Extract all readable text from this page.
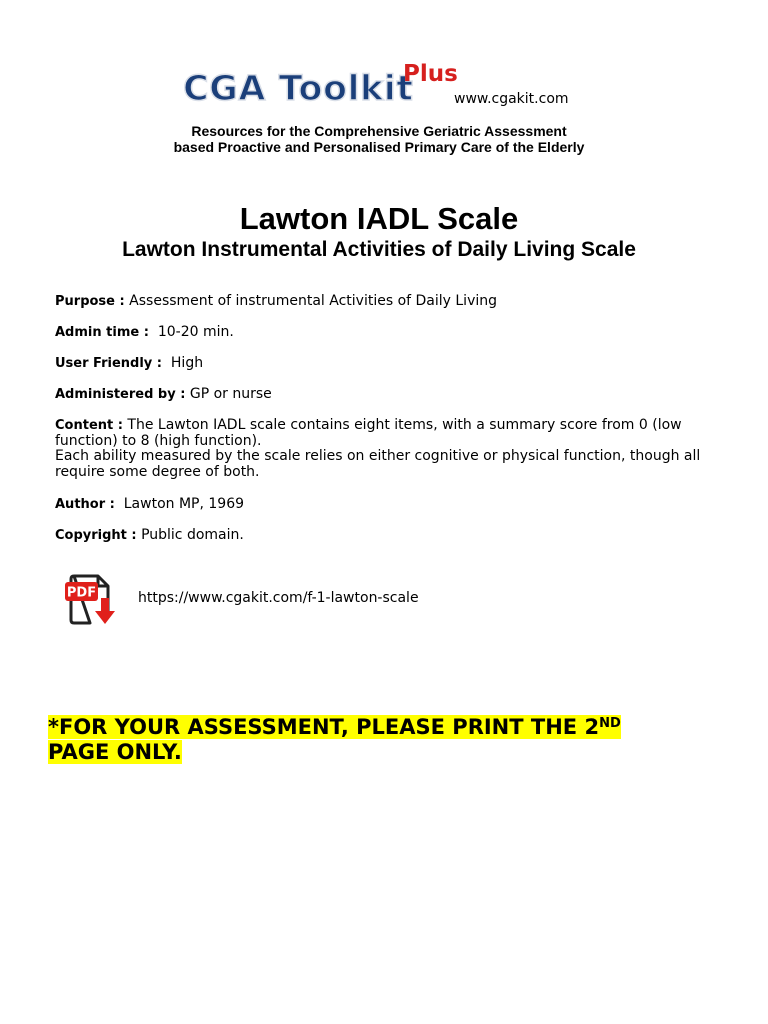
CGA Toolkit
Plus
www.cgakit.com
Resources for the Comprehensive Geriatric Assessment
based Proactive and Personalised Primary Care of the Elderly
Lawton IADL Scale
Lawton Instrumental Activities of Daily Living Scale
Purpose : Assessment of instrumental Activities of Daily Living
Admin time :  10-20 min.
User Friendly :  High
Administered by : GP or nurse
Content : The Lawton IADL scale contains eight items, with a summary score from 0 (low function) to 8 (high function).
Each ability measured by the scale relies on either cognitive or physical function, though all require some degree of both.
Author :  Lawton MP, 1969
Copyright : Public domain.
PDF	https://www.cgakit.com/f-1-lawton-scale
*FOR YOUR ASSESSMENT, PLEASE PRINT THE 2ND
PAGE ONLY.
